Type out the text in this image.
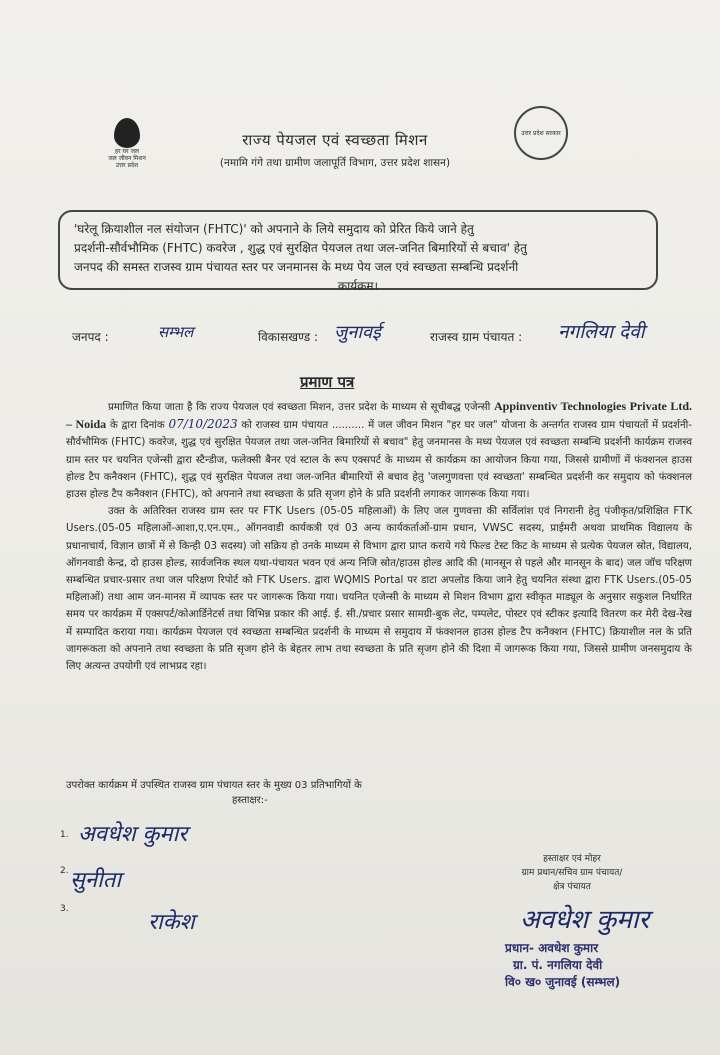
हर घर जल
जल जीवन मिशन
उत्तर प्रदेश
उत्तर प्रदेश सरकार
राज्य पेयजल एवं स्वच्छता मिशन
(नमामि गंगे तथा ग्रामीण जलापूर्ति विभाग, उत्तर प्रदेश शासन)
'घरेलू क्रियाशील नल संयोजन (FHTC)' को अपनाने के लिये समुदाय को प्रेरित किये जाने हेतु
प्रदर्शनी-सौर्वभौमिक (FHTC) कवरेज , शुद्ध एवं सुरक्षित पेयजल तथा जल-जनित बिमारियों से बचाव' हेतु
जनपद की समस्त राजस्व ग्राम पंचायत स्तर पर जनमानस के मध्य पेय जल एवं स्वच्छता सम्बन्धि प्रदर्शनी
कार्यक्रम।
जनपद :	सम्भल	विकासखण्ड : जुनावई	राजस्व ग्राम पंचायत : नगलिया देवी
प्रमाण पत्र

प्रमाणित किया जाता है कि राज्य पेयजल एवं स्वच्छता मिशन, उत्तर प्रदेश के माध्यम से सूचीबद्ध एजेन्सी Appinventiv Technologies Private Ltd. – Noida के द्वारा दिनांक 07/10/2023 को राजस्व ग्राम पंचायत .......... में जल जीवन मिशन "हर घर जल" योजना के अन्तर्गत राजस्व ग्राम पंचायतों में प्रदर्शनी-सौर्वभौमिक (FHTC) कवरेज, शुद्ध एवं सुरक्षित पेयजल तथा जल-जनित बिमारियों से बचाव" हेतु जनमानस के मध्य पेयजल एवं स्वच्छता सम्बन्धि प्रदर्शनी कार्यक्रम राजस्व ग्राम स्तर पर चयनित एजेन्सी द्वारा स्टैन्डीज, फलेक्सी बैनर एवं स्टाल के रूप एक्सपर्ट के माध्यम से कार्यक्रम का आयोजन किया गया, जिससे ग्रामीणों में फंक्शनल हाउस होल्ड टैप कनैक्शन (FHTC), शुद्ध एवं सुरक्षित पेयजल तथा जल-जनित बीमारियों से बचाव हेतु 'जलगुणवत्ता एवं स्वच्छता' सम्बन्धित प्रदर्शनी कर समुदाय को फंक्शनल हाउस होल्ड टैप कनैक्शन (FHTC), को अपनाने तथा स्वच्छता के प्रति सृजग होने के प्रति प्रदर्शनी लगाकर जागरूक किया गया।

उक्त के अतिरिक्त राजस्व ग्राम स्तर पर FTK Users (05-05 महिलाओं) के लिए जल गुणवत्ता की सर्विलांश एवं निगरानी हेतु पंजीकृत/प्रशिक्षित FTK Users.(05-05 महिलाओं-आशा,ए.एन.एम., ऑगनवाडी कार्यकत्री एवं 03 अन्य कार्यकर्ताओं-ग्राम प्रधान, VWSC सदस्य, प्राईमरी अथवा प्राथमिक विद्यालय के प्रधानाचार्य, विज्ञान छात्रों में से किन्ही 03 सदस्य) जो सक्रिय हो उनके माध्यम से विभाग द्वारा प्राप्त कराये गये फिल्ड टेस्ट किट के माध्यम से प्रत्येक पेयजल स्रोत, विद्यालय, ऑगनवाडी केन्द्र, दो हाउस होल्ड, सार्वजनिक स्थल यथा-पंचायत भवन एवं अन्य निजि स्रोत/हाउस होल्ड आदि की (मानसून से पहले और मानसून के बाद) जल जॉच परिक्षण सम्बन्धित प्रचार-प्रसार तथा जल परिक्षण रिपोर्ट को FTK Users. द्वारा WQMIS Portal पर डाटा अपलोड किया जाने हेतु चयनित संस्था द्वारा FTK Users.(05-05 महिलाओं) तथा आम जन-मानस में व्यापक स्तर पर जागरूक किया गया। चयनित एजेन्सी के माध्यम से मिशन विभाग द्वारा स्वीकृत माड्यूल के अनुसार सकुशल निर्धारित समय पर कार्यक्रम में एक्सपर्ट/कोआर्डिनेटर्स तथा विभिन्न प्रकार की आई. ई. सी./प्रचार प्रसार सामग्री-बुक लेट, पम्पलेट, पोस्टर एवं स्टीकर इत्यादि वितरण कर मेरी देख-रेख में सम्पादित कराया गया। कार्यक्रम पेयजल एवं स्वच्छता सम्बन्धित प्रदर्शनी के माध्यम से समुदाय में फंक्शनल हाउस होल्ड टैप कनैक्शन (FHTC) क्रियाशील नल के प्रति जागरूकता को अपनाने तथा स्वच्छता के प्रति सृजग होने के बेहतर लाभ तथा स्वच्छता के प्रति सृजग होने की दिशा में जागरूक किया गया, जिससे ग्रामीण जनसमुदाय के लिए अत्यन्त उपयोगी एवं लाभप्रद रहा।

उपरोक्त कार्यक्रम में उपस्थित राजस्व ग्राम पंचायत स्तर के मुख्य 03 प्रतिभागियों के
हस्ताक्षर:-
1. अवधेश कुमार
2. सुनीता
3.
राकेश
हस्ताक्षर एवं मोहर
ग्राम प्रधान/सचिव ग्राम पंचायत/
क्षेत्र पंचायत
अवधेश कुमार
प्रधान- अवधेश कुमार
ग्रा. पं. नगलिया देवी
वि० ख० जुनावई (सम्भल)
